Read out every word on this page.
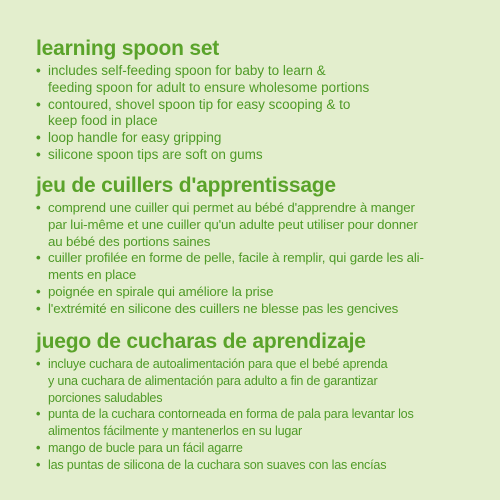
learning spoon set
• includes self-feeding spoon for baby to learn &
feeding spoon for adult to ensure wholesome portions
• contoured, shovel spoon tip for easy scooping & to
keep food in place
• loop handle for easy gripping
• silicone spoon tips are soft on gums
jeu de cuillers d'apprentissage
• comprend une cuiller qui permet au bébé d'apprendre à manger
par lui-même et une cuiller qu'un adulte peut utiliser pour donner
au bébé des portions saines
• cuiller profilée en forme de pelle, facile à remplir, qui garde les ali-
ments en place
• poignée en spirale qui améliore la prise
• l'extrémité en silicone des cuillers ne blesse pas les gencives
juego de cucharas de aprendizaje
• incluye cuchara de autoalimentación para que el bebé aprenda
y una cuchara de alimentación para adulto a fin de garantizar
porciones saludables
• punta de la cuchara contorneada en forma de pala para levantar los
alimentos fácilmente y mantenerlos en su lugar
• mango de bucle para un fácil agarre
• las puntas de silicona de la cuchara son suaves con las encías
